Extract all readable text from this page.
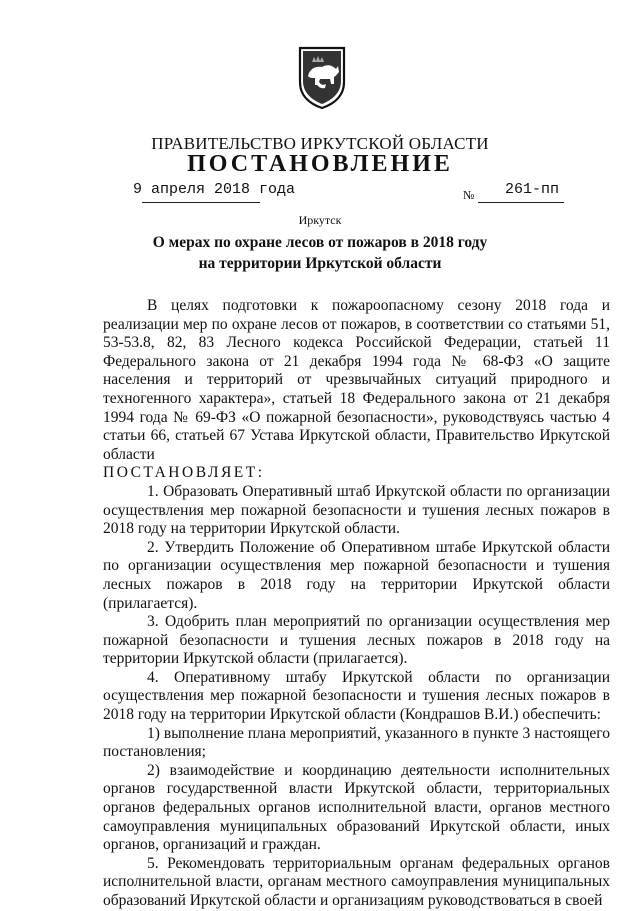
ПРАВИТЕЛЬСТВО ИРКУТСКОЙ ОБЛАСТИ
ПОСТАНОВЛЕНИЕ
9 апреля 2018 года	№ 261-пп
Иркутск
О мерах по охране лесов от пожаров в 2018 году
на территории Иркутской области

В целях подготовки к пожароопасному сезону 2018 года и реализации мер по охране лесов от пожаров, в соответствии со статьями 51, 53-53.8, 82, 83 Лесного кодекса Российской Федерации, статьей 11 Федерального закона от 21 декабря 1994 года № 68-ФЗ «О защите населения и территорий от чрезвычайных ситуаций природного и техногенного характера», статьей 18 Федерального закона от 21 декабря 1994 года № 69-ФЗ «О пожарной безопасности», руководствуясь частью 4 статьи 66, статьей 67 Устава Иркутской области, Правительство Иркутской области

ПОСТАНОВЛЯЕТ:

1. Образовать Оперативный штаб Иркутской области по организации осуществления мер пожарной безопасности и тушения лесных пожаров в 2018 году на территории Иркутской области.

2. Утвердить Положение об Оперативном штабе Иркутской области по организации осуществления мер пожарной безопасности и тушения лесных пожаров в 2018 году на территории Иркутской области (прилагается).

3. Одобрить план мероприятий по организации осуществления мер пожарной безопасности и тушения лесных пожаров в 2018 году на территории Иркутской области (прилагается).

4. Оперативному штабу Иркутской области по организации осуществления мер пожарной безопасности и тушения лесных пожаров в 2018 году на территории Иркутской области (Кондрашов В.И.) обеспечить:

1) выполнение плана мероприятий, указанного в пункте 3 настоящего постановления;

2) взаимодействие и координацию деятельности исполнительных органов государственной власти Иркутской области, территориальных органов федеральных органов исполнительной власти, органов местного самоуправления муниципальных образований Иркутской области, иных органов, организаций и граждан.

5. Рекомендовать территориальным органам федеральных органов исполнительной власти, органам местного самоуправления муниципальных образований Иркутской области и организациям руководствоваться в своей
